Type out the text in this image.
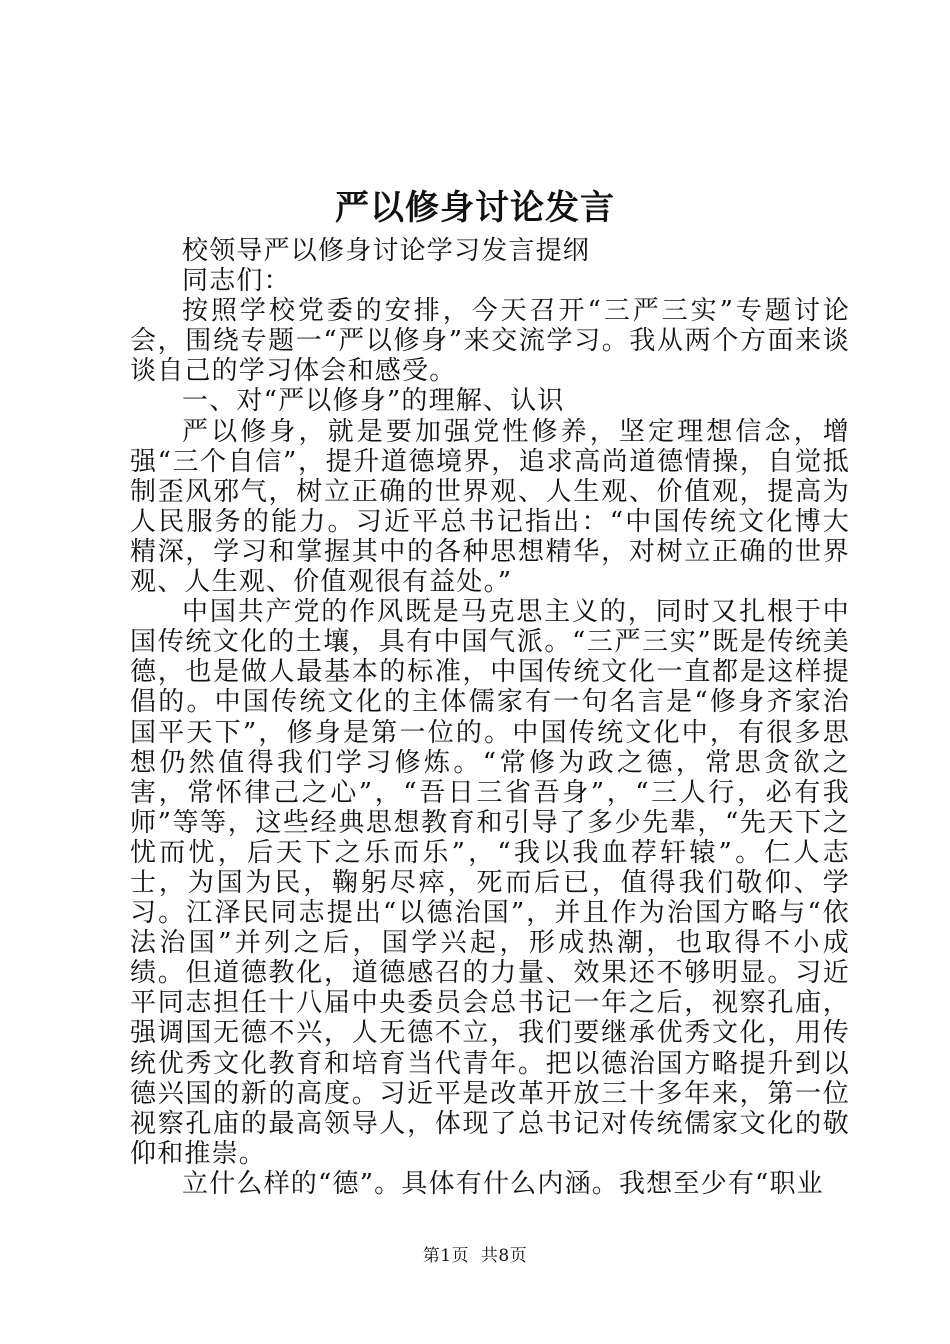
严以修身讨论发言

校领导严以修身讨论学习发言提纲

同志们：

按照学校党委的安排，今天召开“三严三实”专题讨论会，围绕专题一“严以修身”来交流学习。我从两个方面来谈谈自己的学习体会和感受。

一、对“严以修身”的理解、认识

严以修身，就是要加强党性修养，坚定理想信念，增强“三个自信”，提升道德境界，追求高尚道德情操，自觉抵制歪风邪气，树立正确的世界观、人生观、价值观，提高为人民服务的能力。习近平总书记指出：“中国传统文化博大精深，学习和掌握其中的各种思想精华，对树立正确的世界观、人生观、价值观很有益处。”

中国共产党的作风既是马克思主义的，同时又扎根于中国传统文化的土壤，具有中国气派。“三严三实”既是传统美德，也是做人最基本的标准，中国传统文化一直都是这样提倡的。中国传统文化的主体儒家有一句名言是“修身齐家治国平天下”，修身是第一位的。中国传统文化中，有很多思想仍然值得我们学习修炼。“常修为政之德，常思贪欲之害，常怀律己之心”，“吾日三省吾身”，“三人行，必有我师”等等，这些经典思想教育和引导了多少先辈，“先天下之忧而忧，后天下之乐而乐”，“我以我血荐轩辕”。仁人志士，为国为民，鞠躬尽瘁，死而后已，值得我们敬仰、学习。江泽民同志提出“以德治国”，并且作为治国方略与“依法治国”并列之后，国学兴起，形成热潮，也取得不小成绩。但道德教化，道德感召的力量、效果还不够明显。习近平同志担任十八届中央委员会总书记一年之后，视察孔庙，强调国无德不兴，人无德不立，我们要继承优秀文化，用传统优秀文化教育和培育当代青年。把以德治国方略提升到以德兴国的新的高度。习近平是改革开放三十多年来，第一位视察孔庙的最高领导人，体现了总书记对传统儒家文化的敬仰和推崇。

立什么样的“德”。具体有什么内涵。我想至少有“职业

第1页  共8页
